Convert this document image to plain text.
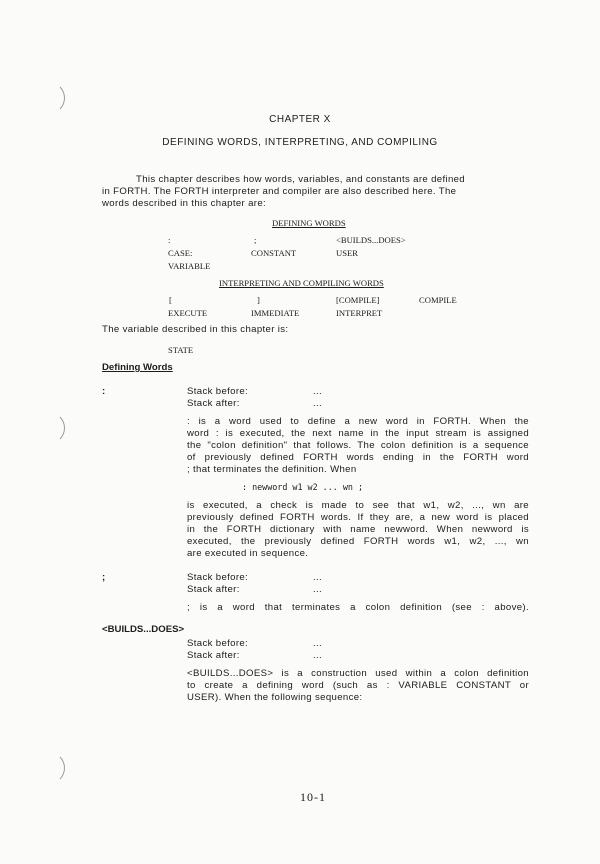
CHAPTER X
DEFINING WORDS, INTERPRETING, AND COMPILING
This chapter describes how words, variables, and constants are defined
in FORTH. The FORTH interpreter and compiler are also described here. The
words described in this chapter are:
DEFINING WORDS
:	;	<BUILDS...DOES>
CASE:	CONSTANT	USER
VARIABLE
INTERPRETING AND COMPILING WORDS
[	]	[COMPILE]	COMPILE
EXECUTE	IMMEDIATE	INTERPRET
The variable described in this chapter is:
STATE
Defining Words
:	Stack before:	...
Stack after:	...
: is a word used to define a new word in FORTH. When the
word : is executed, the next name in the input stream is assigned
the "colon definition" that follows. The colon definition is a sequence
of previously defined FORTH words ending in the FORTH word
; that terminates the definition. When
: newword w1 w2 ... wn ;
is executed, a check is made to see that w1, w2, ..., wn are
previously defined FORTH words. If they are, a new word is placed
in the FORTH dictionary with name newword. When newword is
executed, the previously defined FORTH words w1, w2, ..., wn
are executed in sequence.
;	Stack before:	...
Stack after:	...
; is a word that terminates a colon definition (see : above).
<BUILDS...DOES>
Stack before:	...
Stack after:	...
<BUILDS...DOES> is a construction used within a colon definition
to create a defining word (such as : VARIABLE CONSTANT or
USER). When the following sequence:
10-1
